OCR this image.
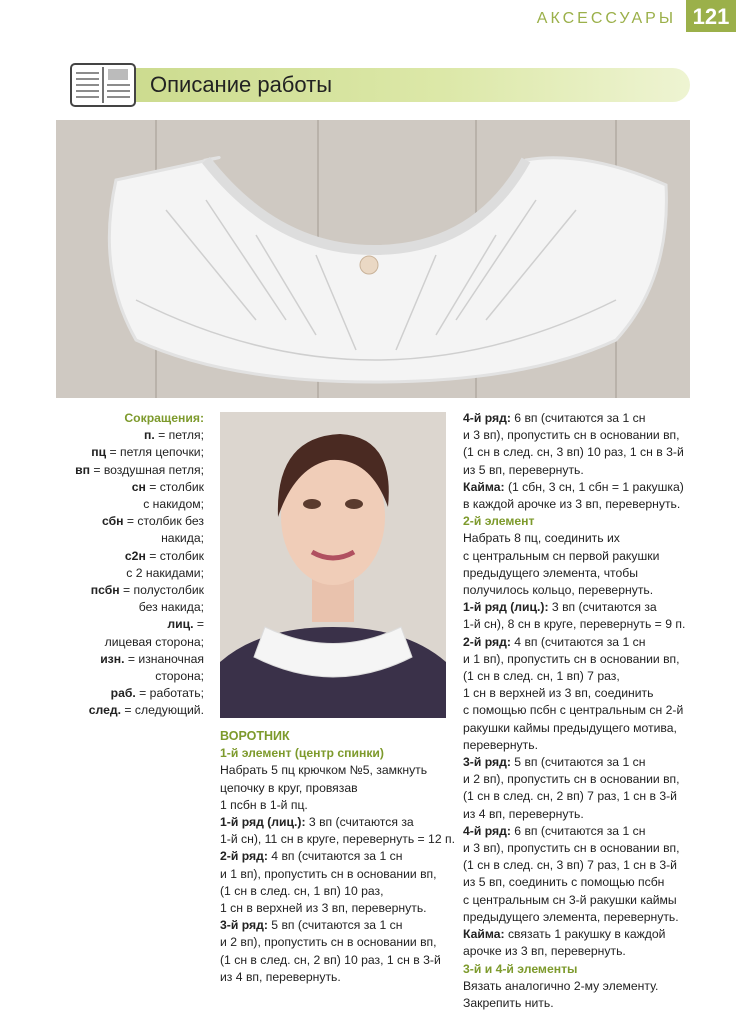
АКСЕССУАРЫ 121
Описание работы
Сокращения:
п. = петля;
пц = петля цепочки;
вп = воздушная петля;
сн = столбик
с накидом;
сбн = столбик без
накида;
с2н = столбик
с 2 накидами;
псбн = полустолбик
без накида;
лиц. =
лицевая сторона;
изн. = изнаночная
сторона;
раб. = работать;
след. = следующий.
ВОРОТНИК
1-й элемент (центр спинки)
Набрать 5 пц крючком №5, замкнуть
цепочку в круг, провязав
1 псбн в 1-й пц.
1-й ряд (лиц.): 3 вп (считаются за
1-й сн), 11 сн в круге, перевернуть = 12 п.
2-й ряд: 4 вп (считаются за 1 сн
и 1 вп), пропустить сн в основании вп,
(1 сн в след. сн, 1 вп) 10 раз,
1 сн в верхней из 3 вп, перевернуть.
3-й ряд: 5 вп (считаются за 1 сн
и 2 вп), пропустить сн в основании вп,
(1 сн в след. сн, 2 вп) 10 раз, 1 сн в 3-й
из 4 вп, перевернуть.
4-й ряд: 6 вп (считаются за 1 сн
и 3 вп), пропустить сн в основании вп,
(1 сн в след. сн, 3 вп) 10 раз, 1 сн в 3-й
из 5 вп, перевернуть.
Кайма: (1 сбн, 3 сн, 1 сбн = 1 ракушка)
в каждой арочке из 3 вп, перевернуть.
2-й элемент
Набрать 8 пц, соединить их
с центральным сн первой ракушки
предыдущего элемента, чтобы
получилось кольцо, перевернуть.
1-й ряд (лиц.): 3 вп (считаются за
1-й сн), 8 сн в круге, перевернуть = 9 п.
2-й ряд: 4 вп (считаются за 1 сн
и 1 вп), пропустить сн в основании вп,
(1 сн в след. сн, 1 вп) 7 раз,
1 сн в верхней из 3 вп, соединить
с помощью псбн с центральным сн 2-й
ракушки каймы предыдущего мотива,
перевернуть.
3-й ряд: 5 вп (считаются за 1 сн
и 2 вп), пропустить сн в основании вп,
(1 сн в след. сн, 2 вп) 7 раз, 1 сн в 3-й
из 4 вп, перевернуть.
4-й ряд: 6 вп (считаются за 1 сн
и 3 вп), пропустить сн в основании вп,
(1 сн в след. сн, 3 вп) 7 раз, 1 сн в 3-й
из 5 вп, соединить с помощью псбн
с центральным сн 3-й ракушки каймы
предыдущего элемента, перевернуть.
Кайма: связать 1 ракушку в каждой
арочке из 3 вп, перевернуть.
3-й и 4-й элементы
Вязать аналогично 2-му элементу.
Закрепить нить.
